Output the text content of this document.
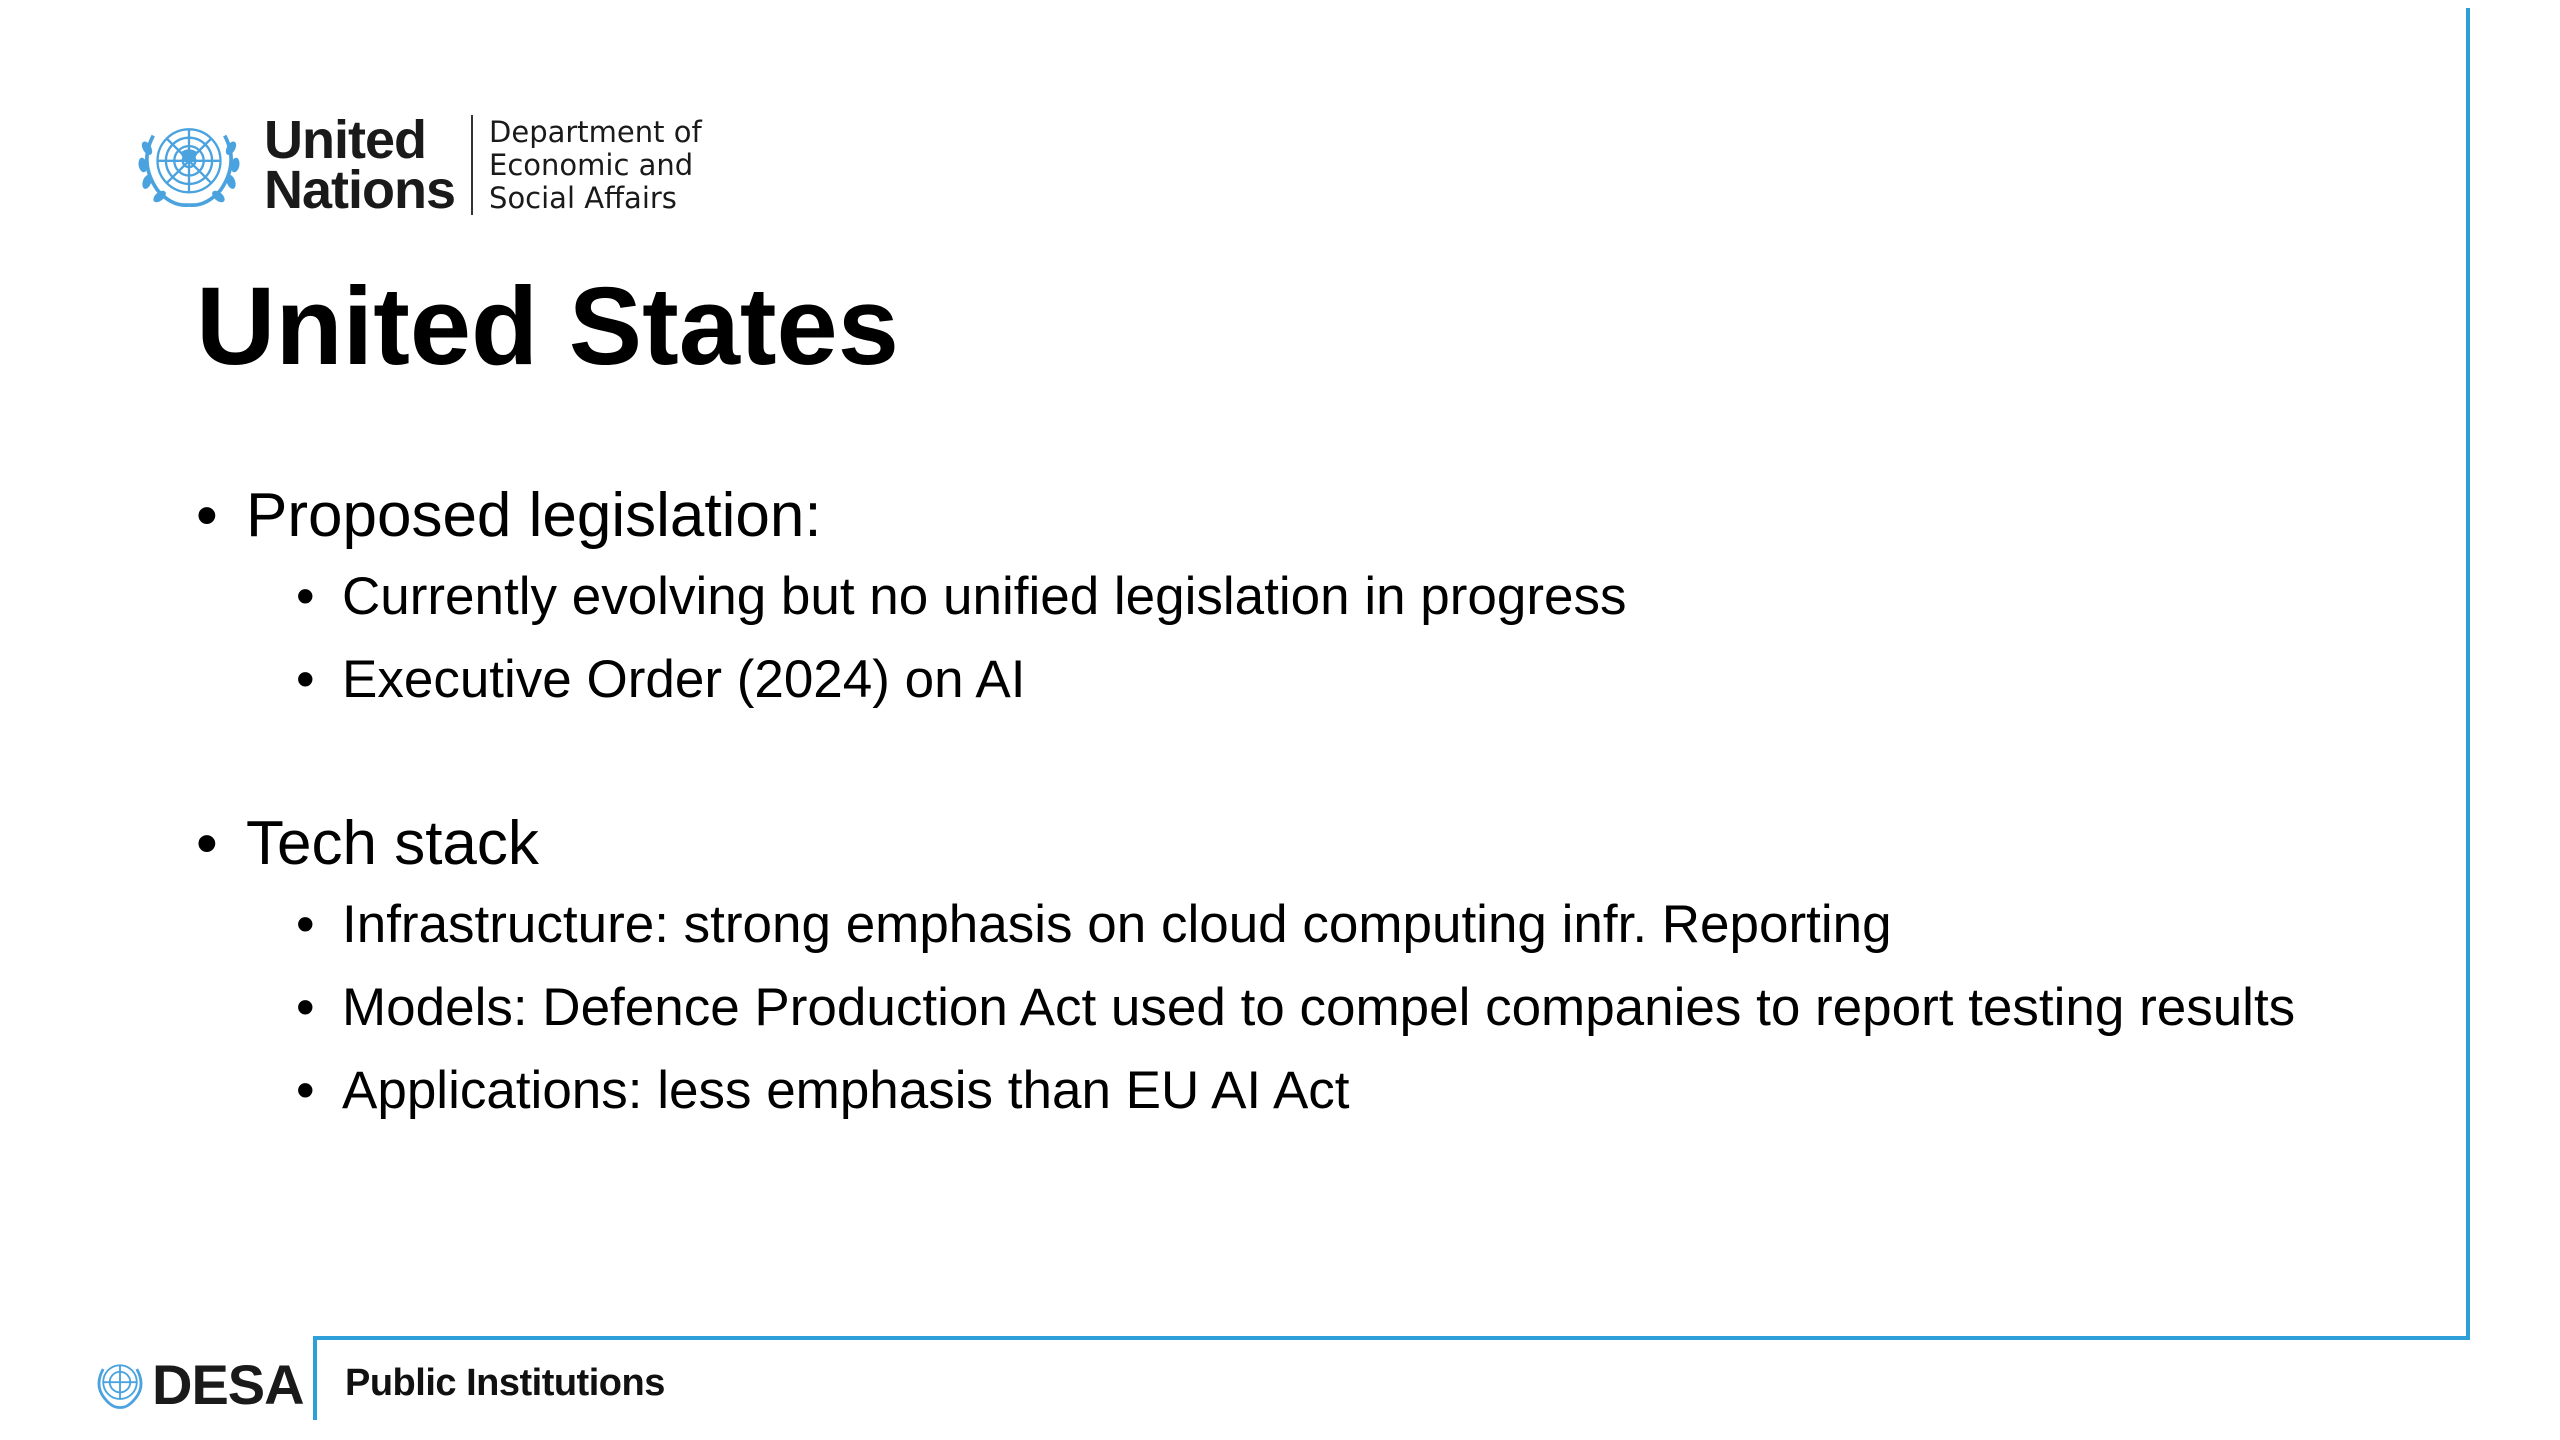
United
Nations
Department of
Economic and
Social Affairs
United States

• Proposed legislation:

• Currently evolving but no unified legislation in progress
• Executive Order (2024) on AI

• Tech stack

• Infrastructure: strong emphasis on cloud computing infr. Reporting
• Models: Defence Production Act used to compel companies to report testing results
• Applications: less emphasis than EU AI Act
DESA Public Institutions
